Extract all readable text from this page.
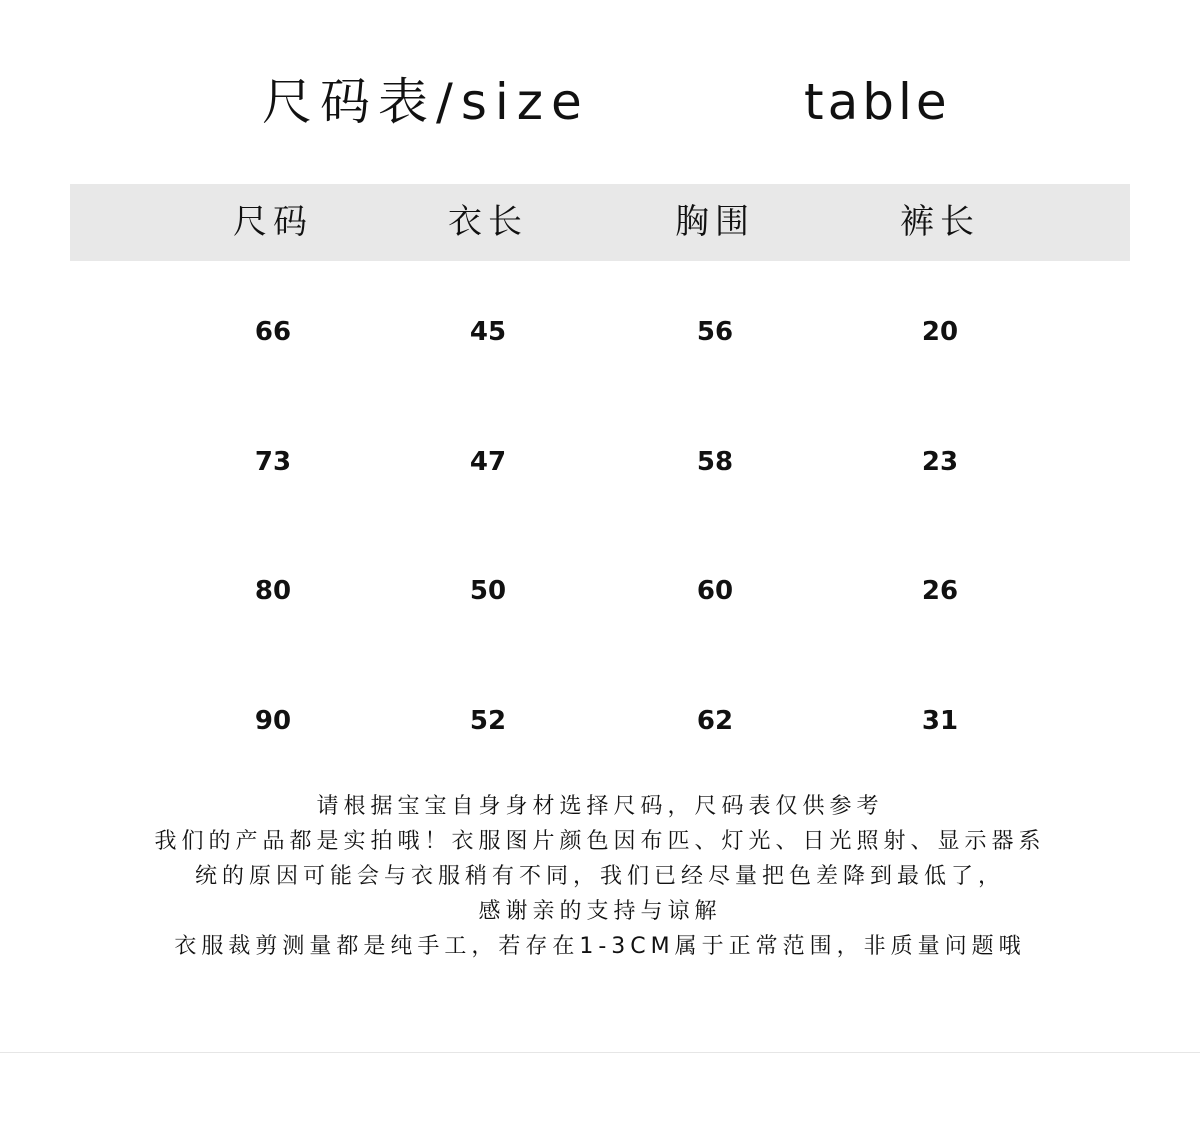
尺码表/size	table
尺码	衣长	胸围	裤长
66	45	56	20
73	47	58	23
80	50	60	26
90	52	62	31
请根据宝宝自身身材选择尺码，尺码表仅供参考
我们的产品都是实拍哦！衣服图片颜色因布匹、灯光、日光照射、显示器系
统的原因可能会与衣服稍有不同，我们已经尽量把色差降到最低了，
感谢亲的支持与谅解
衣服裁剪测量都是纯手工，若存在1-3CM属于正常范围，非质量问题哦
